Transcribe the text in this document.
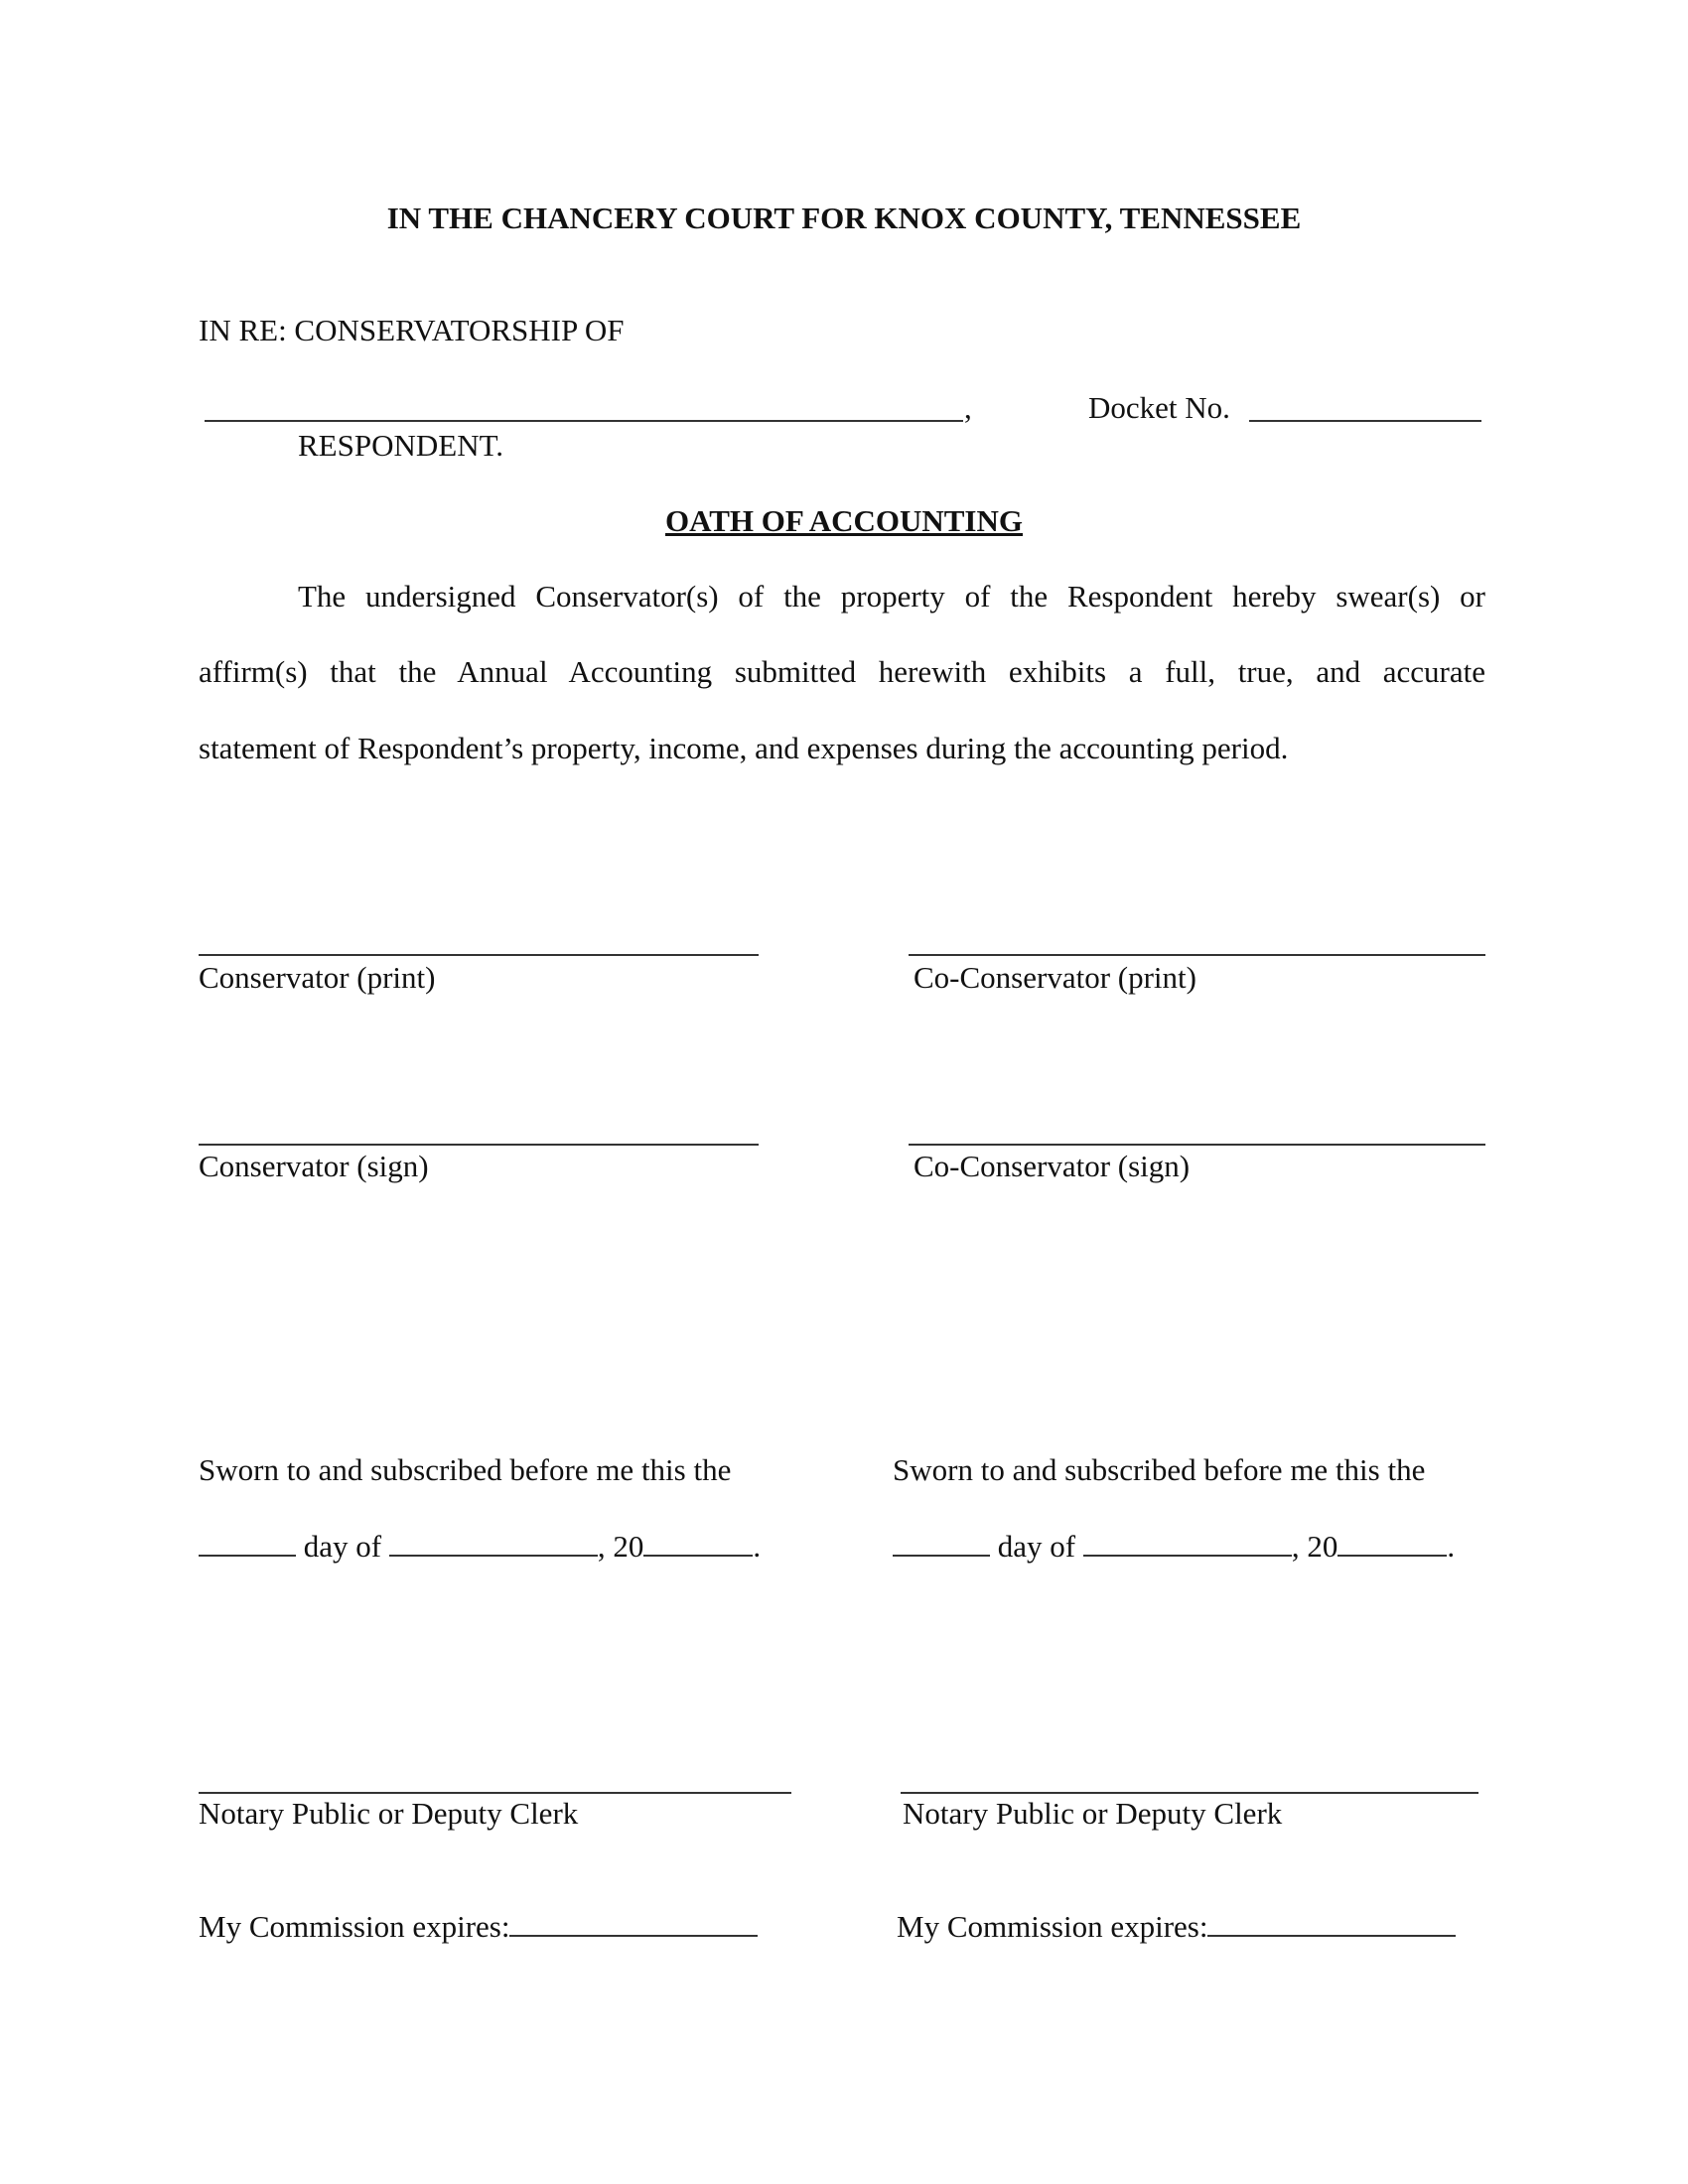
IN THE CHANCERY COURT FOR KNOX COUNTY, TENNESSEE
IN RE: CONSERVATORSHIP OF
,	Docket No.
RESPONDENT.
OATH OF ACCOUNTING
The undersigned Conservator(s) of the property of the Respondent hereby swear(s) or
affirm(s) that the Annual Accounting submitted herewith exhibits a full, true, and accurate
statement of Respondent’s property, income, and expenses during the accounting period.
Conservator (print)	Co-Conservator (print)
Conservator (sign)	Co-Conservator (sign)
Sworn to and subscribed before me this the	Sworn to and subscribed before me this the
day of	, 20	.	day of	, 20	.
Notary Public or Deputy Clerk	Notary Public or Deputy Clerk
My Commission expires:	My Commission expires:
